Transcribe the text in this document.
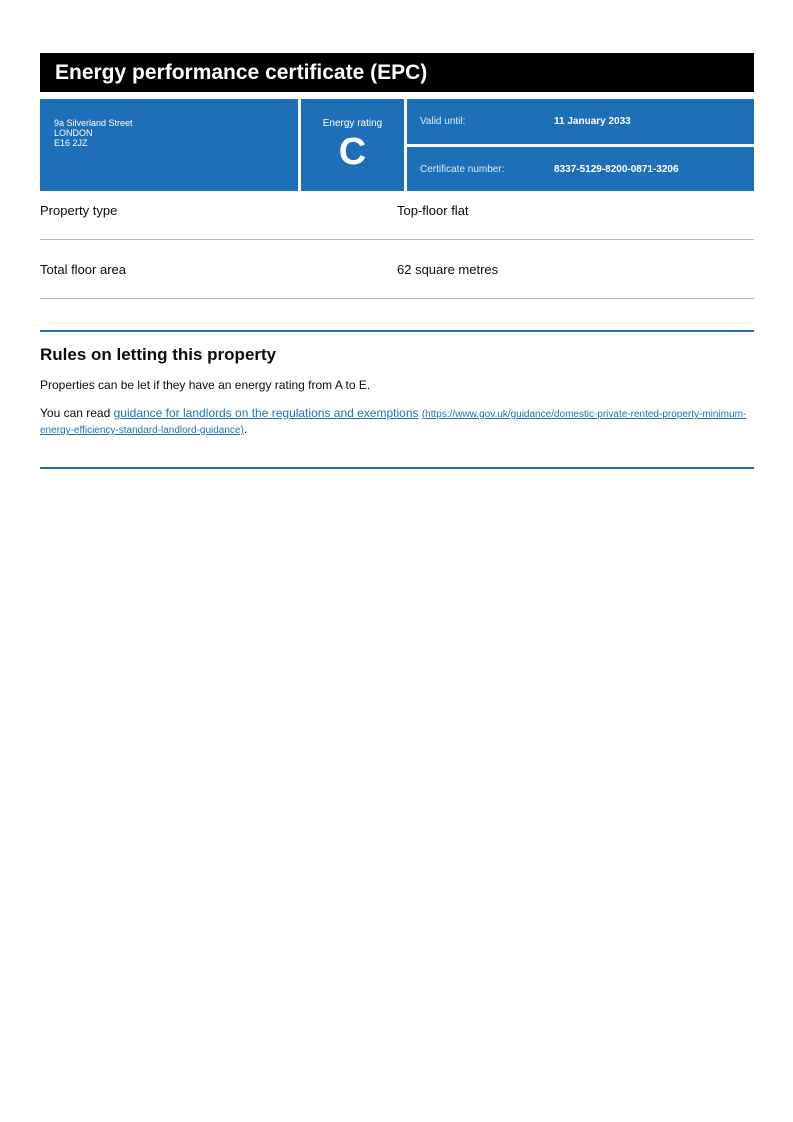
Energy performance certificate (EPC)
9a Silverland Street
LONDON
E16 2JZ
Energy rating
C
Valid until:	11 January 2033
Certificate number:	8337-5129-8200-0871-3206
Property type	Top-floor flat
Total floor area	62 square metres
Rules on letting this property

Properties can be let if they have an energy rating from A to E.

You can read guidance for landlords on the regulations and exemptions (https://www.gov.uk/guidance/domestic-private-rented-property-minimum-energy-efficiency-standard-landlord-guidance).
